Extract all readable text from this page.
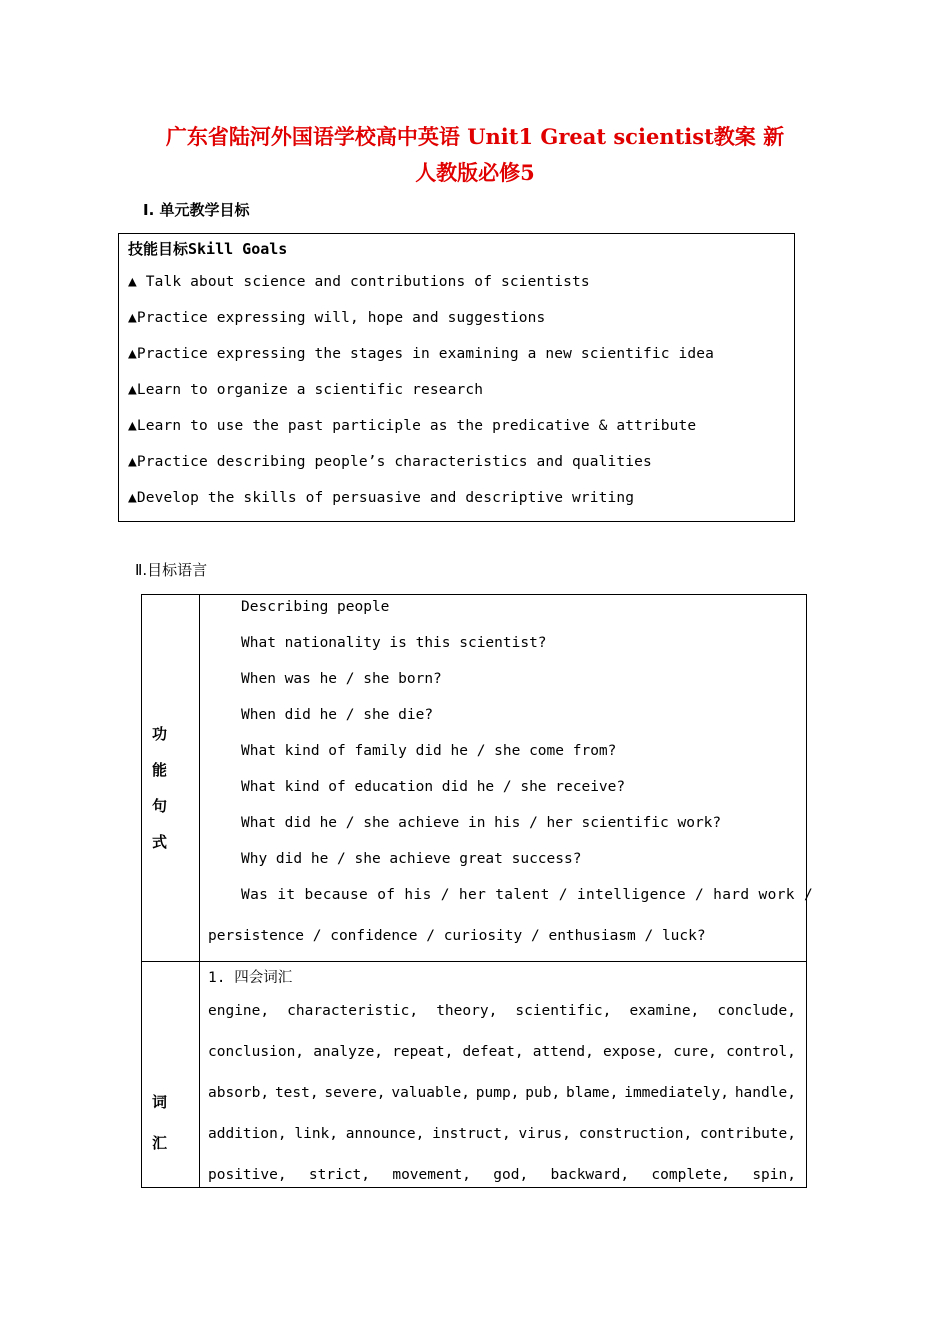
广东省陆河外国语学校高中英语 Unit1 Great scientist教案 新
人教版必修5
Ⅰ. 单元教学目标
技能目标Skill Goals
▲ Talk about science and contributions of scientists
▲Practice expressing will, hope and suggestions
▲Practice expressing the stages in examining a new scientific idea
▲Learn to organize a scientific research
▲Learn to use the past participle as the predicative & attribute
▲Practice describing people’s characteristics and qualities
▲Develop the skills of persuasive and descriptive writing
Ⅱ.目标语言
功
能
句
式
Describing people
What nationality is this scientist?
When was he / she born?
When did he / she die?
What kind of family did he / she come from?
What kind of education did he / she receive?
What did he / she achieve in his / her scientific work?
Why did he / she achieve great success?
Was it because of his / her talent / intelligence / hard work /
persistence / confidence / curiosity / enthusiasm / luck?
词
汇
1. 四会词汇
engine, characteristic, theory, scientific, examine, conclude,
conclusion, analyze, repeat, defeat, attend, expose, cure, control,
absorb, test, severe, valuable, pump, pub, blame, immediately, handle,
addition, link, announce, instruct, virus, construction, contribute,
positive, strict, movement, god, backward, complete, spin,
